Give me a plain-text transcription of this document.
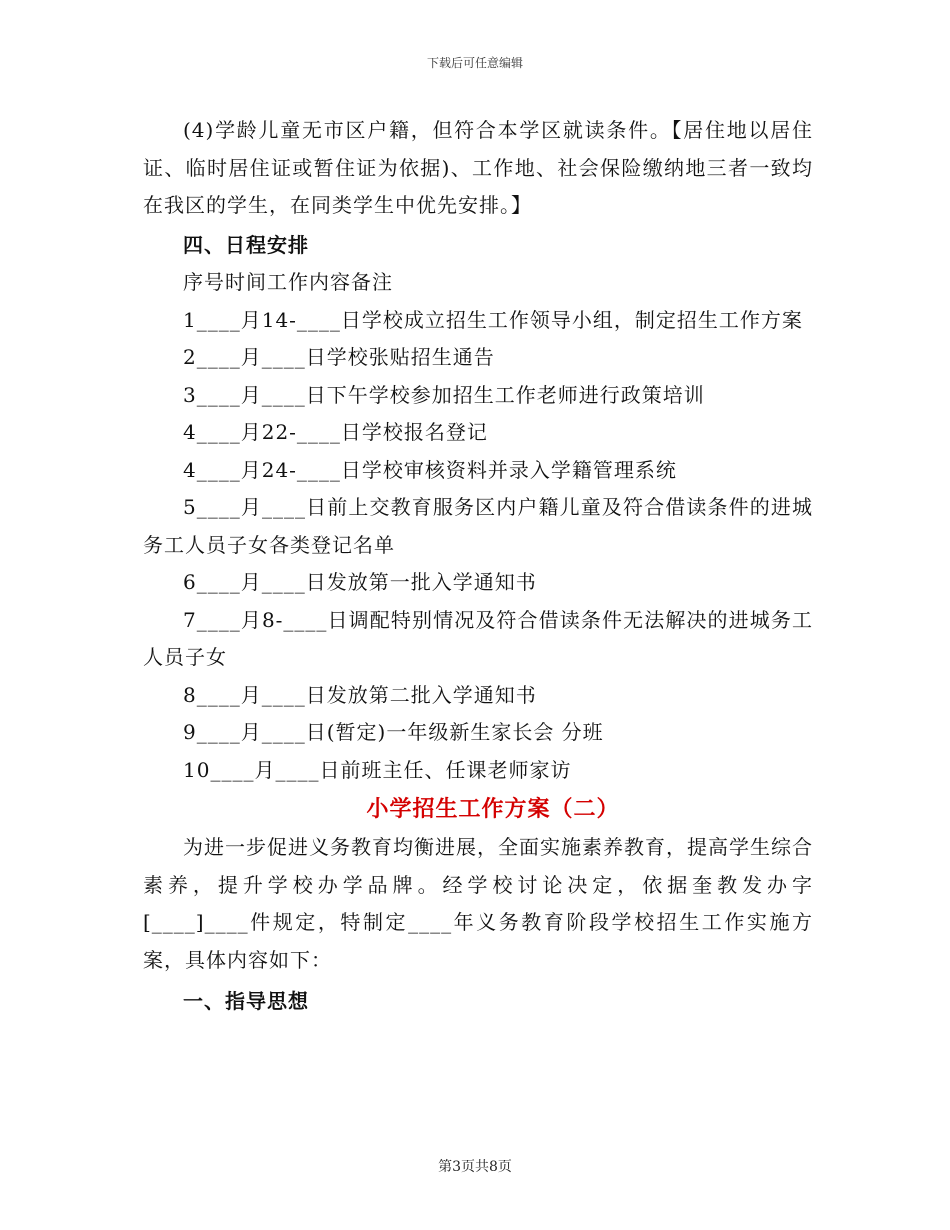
下载后可任意编辑

(4)学龄儿童无市区户籍，但符合本学区就读条件。【居住地以居住证、临时居住证或暂住证为依据)、工作地、社会保险缴纳地三者一致均在我区的学生，在同类学生中优先安排。】

四、日程安排

序号时间工作内容备注

1____月14-____日学校成立招生工作领导小组，制定招生工作方案

2____月____日学校张贴招生通告

3____月____日下午学校参加招生工作老师进行政策培训

4____月22-____日学校报名登记

4____月24-____日学校审核资料并录入学籍管理系统

5____月____日前上交教育服务区内户籍儿童及符合借读条件的进城务工人员子女各类登记名单

6____月____日发放第一批入学通知书

7____月8-____日调配特别情况及符合借读条件无法解决的进城务工人员子女

8____月____日发放第二批入学通知书

9____月____日(暂定)一年级新生家长会 分班

10____月____日前班主任、任课老师家访

小学招生工作方案（二）

为进一步促进义务教育均衡进展，全面实施素养教育，提高学生综合素养，提升学校办学品牌。经学校讨论决定，依据奎教发办字[____]____件规定，特制定____年义务教育阶段学校招生工作实施方案，具体内容如下：

一、指导思想

第3页共8页
